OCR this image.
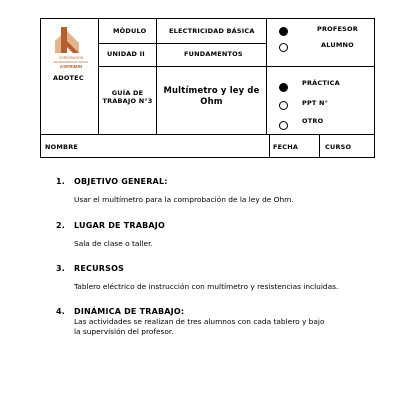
CORPORACIÓN
DE DESARROLLO SOCIAL
ASPRIMIN
ADOTEC
MÓDULO	ELECTRICIDAD BÁSICA
UNIDAD II	FUNDAMENTOS
GUÍA DE
TRABAJO N°3
Multímetro y ley de
Ohm
PROFESOR
ALUMNO
PRÁCTICA
PPT N°
OTRO
NOMBRE	FECHA	CURSO
1. OBJETIVO GENERAL:
Usar el multímetro para la comprobación de la ley de Ohm.
2. LUGAR DE TRABAJO
Sala de clase o taller.
3. RECURSOS
Tablero eléctrico de instrucción con multímetro y resistencias incluidas.
4. DINÁMICA DE TRABAJO:
Las actividades se realizan de tres alumnos con cada tablero y bajo
la supervisión del profesor.
